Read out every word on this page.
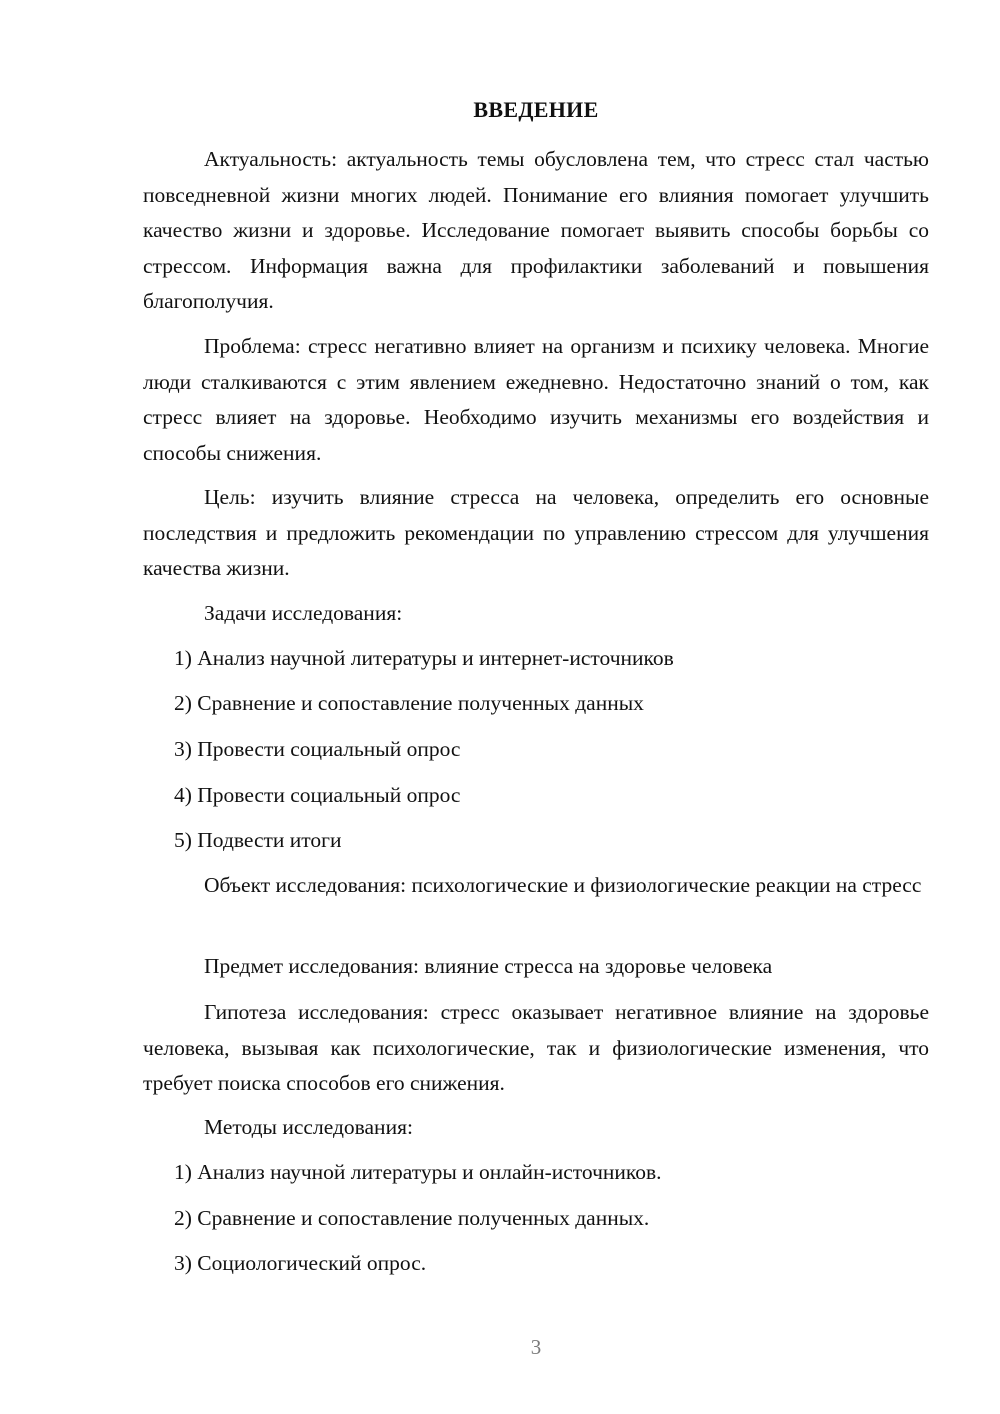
ВВЕДЕНИЕ

Актуальность: актуальность темы обусловлена тем, что стресс стал частью повседневной жизни многих людей. Понимание его влияния помогает улучшить качество жизни и здоровье. Исследование помогает выявить способы борьбы со стрессом. Информация важна для профилактики заболеваний и повышения благополучия.

Проблема: стресс негативно влияет на организм и психику человека. Многие люди сталкиваются с этим явлением ежедневно. Недостаточно знаний о том, как стресс влияет на здоровье. Необходимо изучить механизмы его воздействия и способы снижения.

Цель: изучить влияние стресса на человека, определить его основные последствия и предложить рекомендации по управлению стрессом для улучшения качества жизни.

Задачи исследования:

1) Анализ научной литературы и интернет-источников

2) Сравнение и сопоставление полученных данных

3) Провести социальный опрос

4) Провести социальный опрос

5) Подвести итоги

Объект исследования: психологические и физиологические реакции на стресс

Предмет исследования: влияние стресса на здоровье человека

Гипотеза исследования: стресс оказывает негативное влияние на здоровье человека, вызывая как психологические, так и физиологические изменения, что требует поиска способов его снижения.

Методы исследования:

1) Анализ научной литературы и онлайн-источников.

2) Сравнение и сопоставление полученных данных.

3) Социологический опрос.

3
